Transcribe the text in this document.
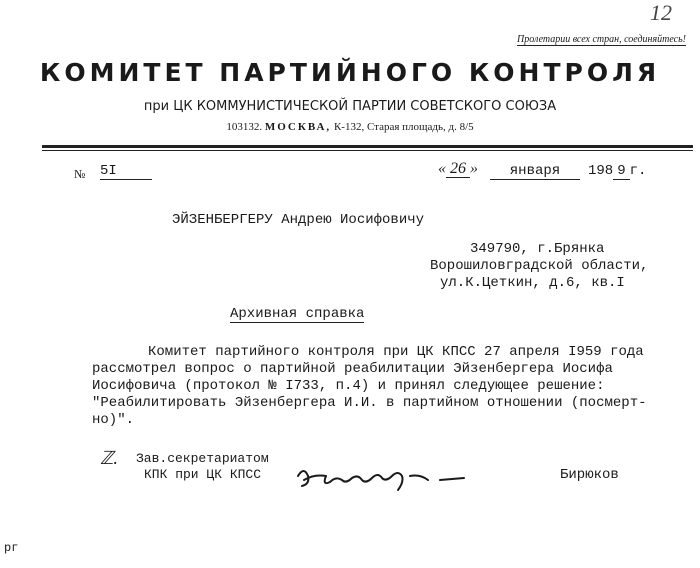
12
Пролетарии всех стран, соединяйтесь!
КОМИТЕТ ПАРТИЙНОГО КОНТРОЛЯ
при ЦК КОММУНИСТИЧЕСКОЙ ПАРТИИ СОВЕТСКОГО СОЮЗА
103132. МОСКВА, К-132, Старая площадь, д. 8/5
№ 5I	« 26 »	января	198 9 г.
ЭЙЗЕНБЕРГЕРУ Андрею Иосифовичу
349790, г.Брянка
Ворошиловградской области,
ул.К.Цеткин, д.6, кв.I
Архивная справка
Комитет партийного контроля при ЦК КПСС 27 апреля I959 года
рассмотрел вопрос о партийной реабилитации Эйзенбергера Иосифа
Иосифовича (протокол № I733, п.4) и принял следующее решение:
"Реабилитировать Эйзенбергера И.И. в партийном отношении (посмерт-
но)".
ℤ. Зав.секретариатом
КПК при ЦК КПСС	Бирюков
рг
